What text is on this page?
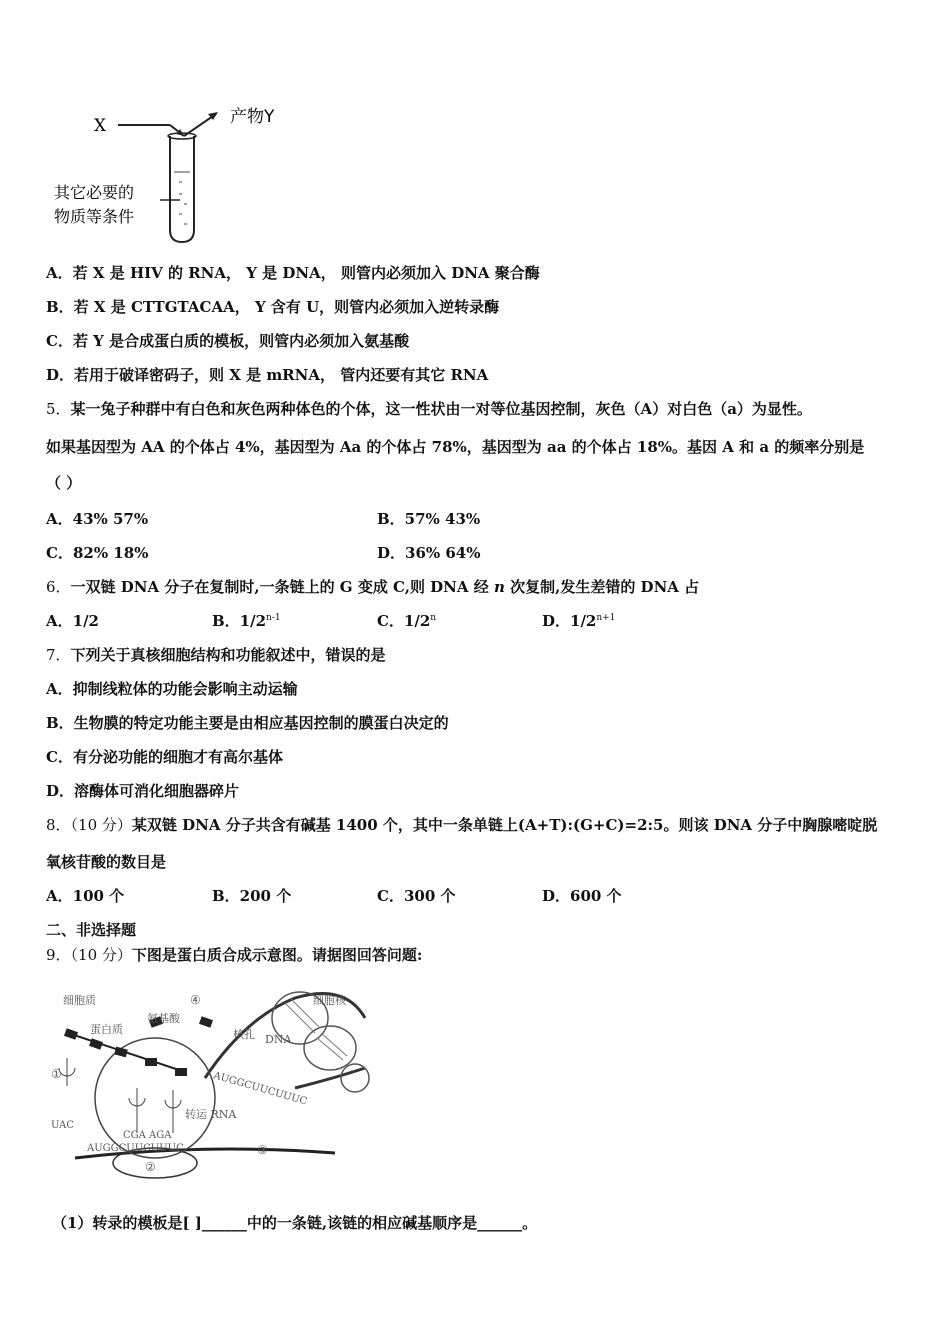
X	产物Y
其它必要的
物质等条件
A．若 X 是 HIV 的 RNA， Y 是 DNA， 则管内必须加入 DNA 聚合酶
B．若 X 是 CTTGTACAA， Y 含有 U，则管内必须加入逆转录酶
C．若 Y 是合成蛋白质的模板，则管内必须加入氨基酸
D．若用于破译密码子，则 X 是 mRNA， 管内还要有其它 RNA
5．某一兔子种群中有白色和灰色两种体色的个体，这一性状由一对等位基因控制，灰色（A）对白色（a）为显性。
如果基因型为 AA 的个体占 4%，基因型为 Aa 的个体占 78%，基因型为 aa 的个体占 18%。基因 A 和 a 的频率分别是
（ ）
A．43% 57%	B．57% 43%
C．82% 18%	D．36% 64%
6．一双链 DNA 分子在复制时,一条链上的 G 变成 C,则 DNA 经 n 次复制,发生差错的 DNA 占
A．1/2	B．1/2$^{n-1}$	C．1/2$^n$	D．$1/2^{n+1}$
7．下列关于真核细胞结构和功能叙述中，错误的是
A．抑制线粒体的功能会影响主动运输
B．生物膜的特定功能主要是由相应基因控制的膜蛋白决定的
C．有分泌功能的细胞才有高尔基体
D．溶酶体可消化细胞器碎片
8．（10 分）某双链 DNA 分子共含有碱基 1400 个，其中一条单链上(A+T):(G+C)=2:5。则该 DNA 分子中胸腺嘧啶脱
氧核苷酸的数目是
A．100 个	B．200 个	C．300 个	D．600 个
二、非选择题
9．（10 分）下图是蛋白质合成示意图。请据图回答问题:
细胞质
蛋白质
氨基酸
④	细胞核
核孔 DNA
AUGGCUUCUUUC
①
UAC
转运 RNA
CGA AGA
AUGGCUUCUUUC	③
②
（1）转录的模板是[ ]______中的一条链,该链的相应碱基顺序是______。
